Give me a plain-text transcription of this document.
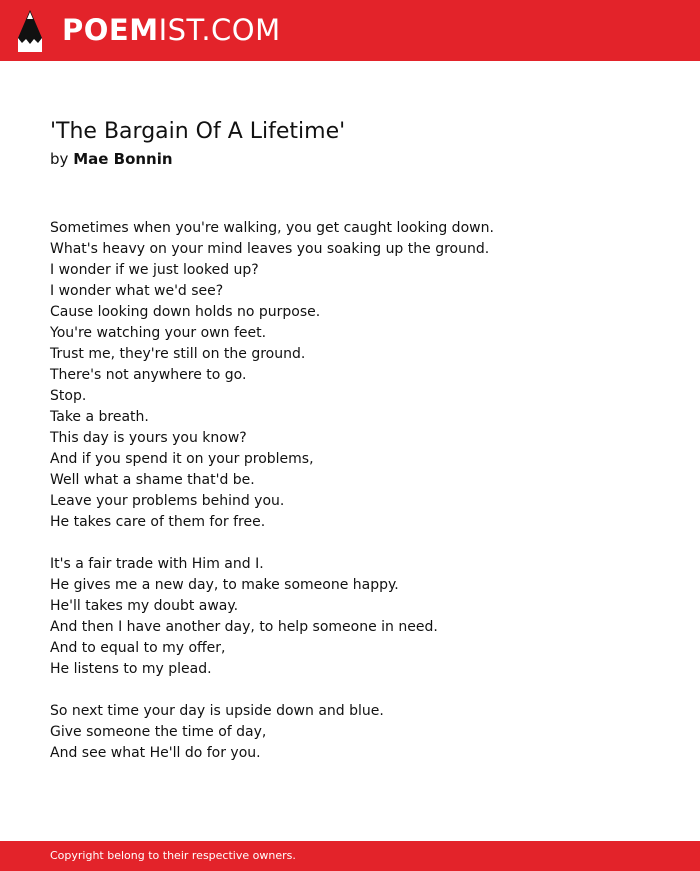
POEMIST.COM
'The Bargain Of A Lifetime'
by Mae Bonnin
Sometimes when you're walking, you get caught looking down.
What's heavy on your mind leaves you soaking up the ground.
I wonder if we just looked up?
I wonder what we'd see?
Cause looking down holds no purpose.
You're watching your own feet.
Trust me, they're still on the ground.
There's not anywhere to go.
Stop.
Take a breath.
This day is yours you know?
And if you spend it on your problems,
Well what a shame that'd be.
Leave your problems behind you.
He takes care of them for free.
It's a fair trade with Him and I.
He gives me a new day, to make someone happy.
He'll takes my doubt away.
And then I have another day, to help someone in need.
And to equal to my offer,
He listens to my plead.
So next time your day is upside down and blue.
Give someone the time of day,
And see what He'll do for you.
Copyright belong to their respective owners.
